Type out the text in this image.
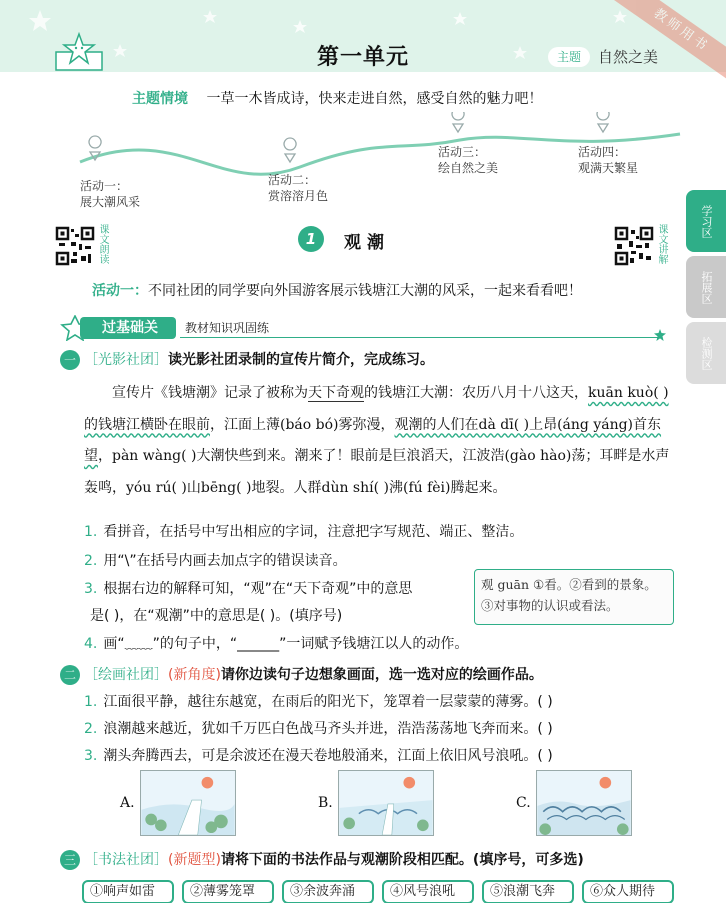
第一单元	主题	自然之美
教师用书
主题情境 一草一木皆成诗，快来走进自然，感受自然的魅力吧！
活动一：
展大潮风采
活动二：
赏溶溶月色
活动三：
绘自然之美
活动四：
观满天繁星
课文朗读	课文讲解
1	观潮
活动一：不同社团的同学要向外国游客展示钱塘江大潮的风采，一起来看看吧！
学习区
拓展区
检测区
过基础关	教材知识巩固练
一 ［光影社团］读光影社团录制的宣传片简介，完成练习。
宣传片《钱塘潮》记录了被称为天下奇观的钱塘江大潮：农历八月十八这天，kuān kuò( )的钱塘江横卧在眼前，江面上薄(báo bó)雾弥漫，观潮的人们在dà dī( )上昂(áng yáng)首东望，pàn wàng( )大潮快些到来。潮来了！眼前是巨浪滔天，江波浩(gào hào)荡；耳畔是水声轰鸣，yóu rú( )山bēng( )地裂。人群dùn shí( )沸(fú fèi)腾起来。
1. 看拼音，在括号中写出相应的字词，注意把字写规范、端正、整洁。
2. 用“\”在括号内画去加点字的错误读音。
3. 根据右边的解释可知，“观”在“天下奇观”中的意思
是( )，在“观潮”中的意思是( )。(填序号)
4. 画“﹏﹏”的句子中，“______”一词赋予钱塘江以人的动作。
观 guān ①看。②看到的景象。③对事物的认识或看法。
二 ［绘画社团］(新角度)请你边读句子边想象画面，选一选对应的绘画作品。
1. 江面很平静，越往东越宽，在雨后的阳光下，笼罩着一层蒙蒙的薄雾。( )
2. 浪潮越来越近，犹如千万匹白色战马齐头并进，浩浩荡荡地飞奔而来。( )
3. 潮头奔腾西去，可是余波还在漫天卷地般涌来，江面上依旧风号浪吼。( )
A.	B.	C.
三 ［书法社团］(新题型)请将下面的书法作品与观潮阶段相匹配。(填序号，可多选)
①响声如雷	②薄雾笼罩	③余波奔涌	④风号浪吼	⑤浪潮飞奔	⑥众人期待
